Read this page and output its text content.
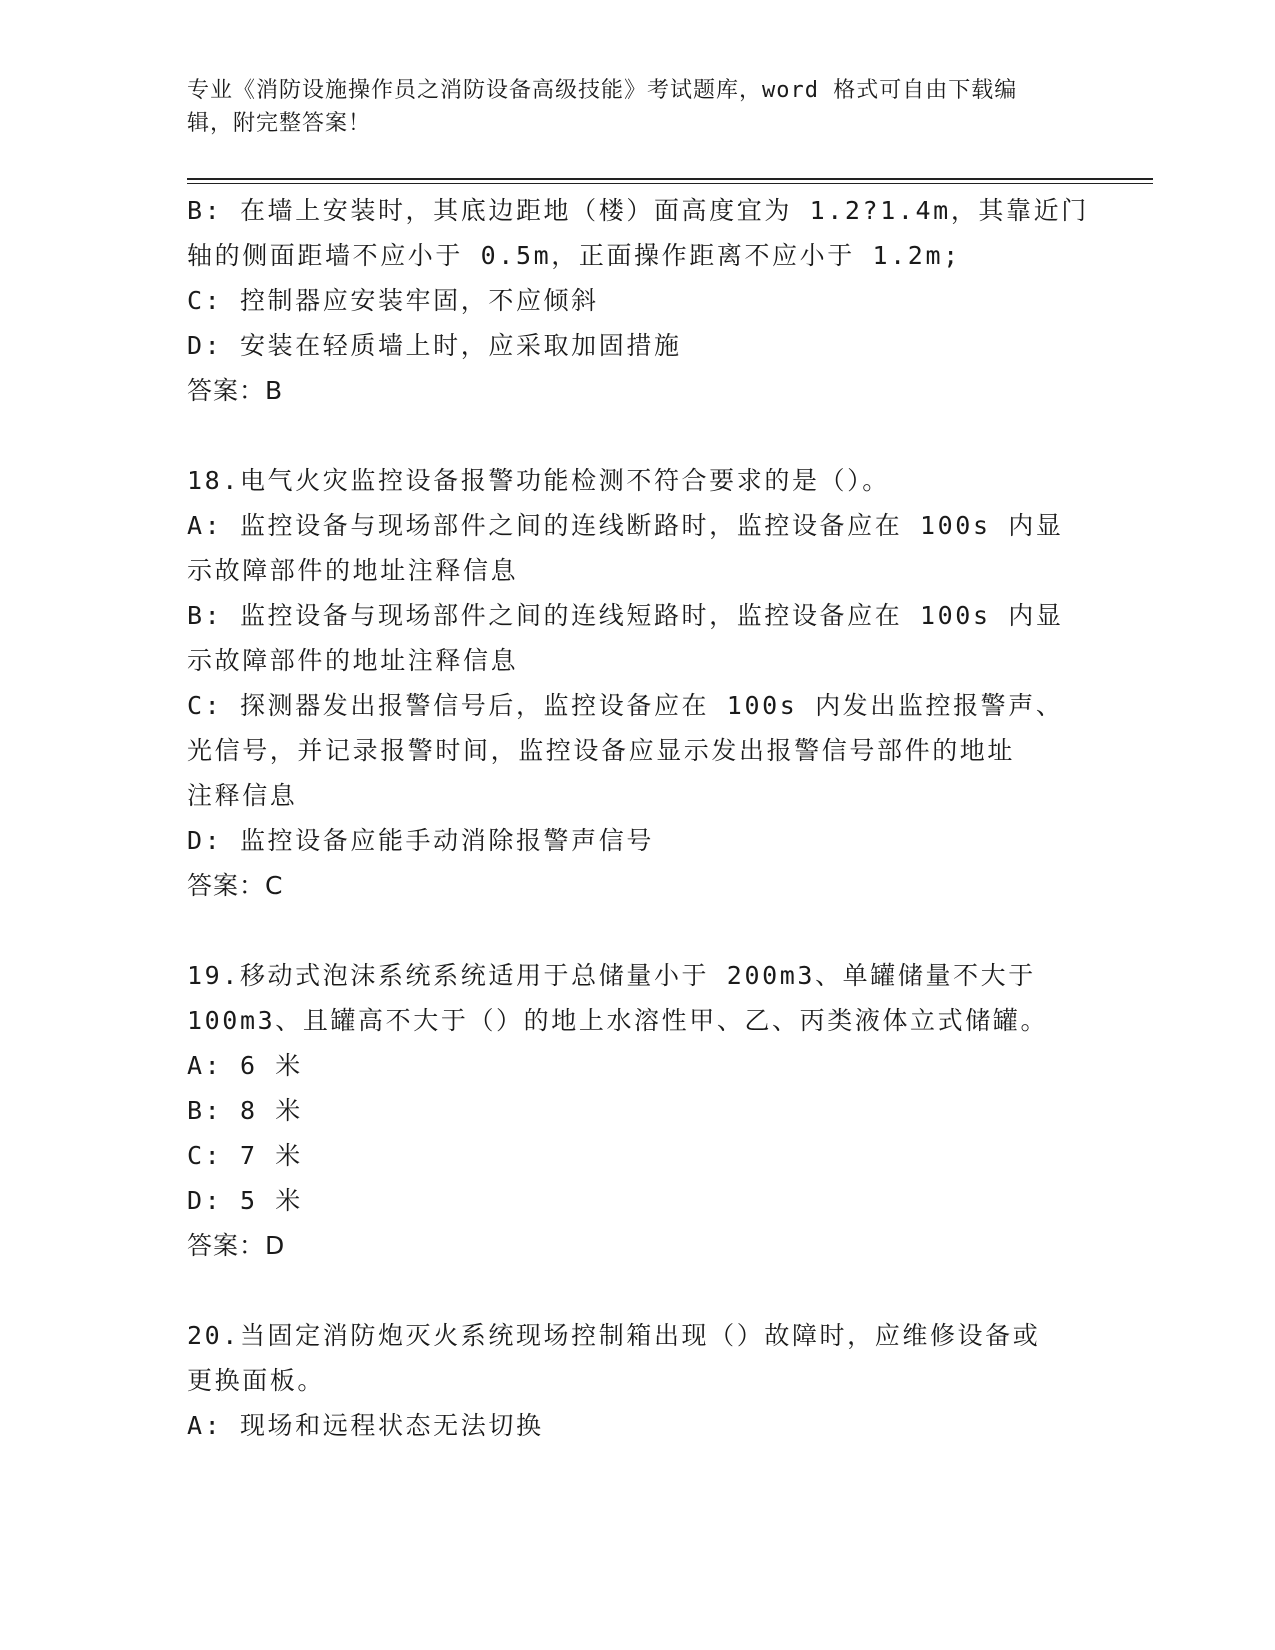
专业《消防设施操作员之消防设备高级技能》考试题库，word 格式可自由下载编
辑，附完整答案！
B: 在墙上安装时，其底边距地（楼）面高度宜为 1.2?1.4m，其靠近门
轴的侧面距墙不应小于 0.5m，正面操作距离不应小于 1.2m;
C: 控制器应安装牢固，不应倾斜
D: 安装在轻质墙上时，应采取加固措施
答案：B
18.电气火灾监控设备报警功能检测不符合要求的是（）。
A: 监控设备与现场部件之间的连线断路时，监控设备应在 100s 内显
示故障部件的地址注释信息
B: 监控设备与现场部件之间的连线短路时，监控设备应在 100s 内显
示故障部件的地址注释信息
C: 探测器发出报警信号后，监控设备应在 100s 内发出监控报警声、
光信号，并记录报警时间，监控设备应显示发出报警信号部件的地址
注释信息
D: 监控设备应能手动消除报警声信号
答案：C
19.移动式泡沫系统系统适用于总储量小于 200m3、单罐储量不大于
100m3、且罐高不大于（）的地上水溶性甲、乙、丙类液体立式储罐。
A: 6 米
B: 8 米
C: 7 米
D: 5 米
答案：D
20.当固定消防炮灭火系统现场控制箱出现（）故障时，应维修设备或
更换面板。
A: 现场和远程状态无法切换
